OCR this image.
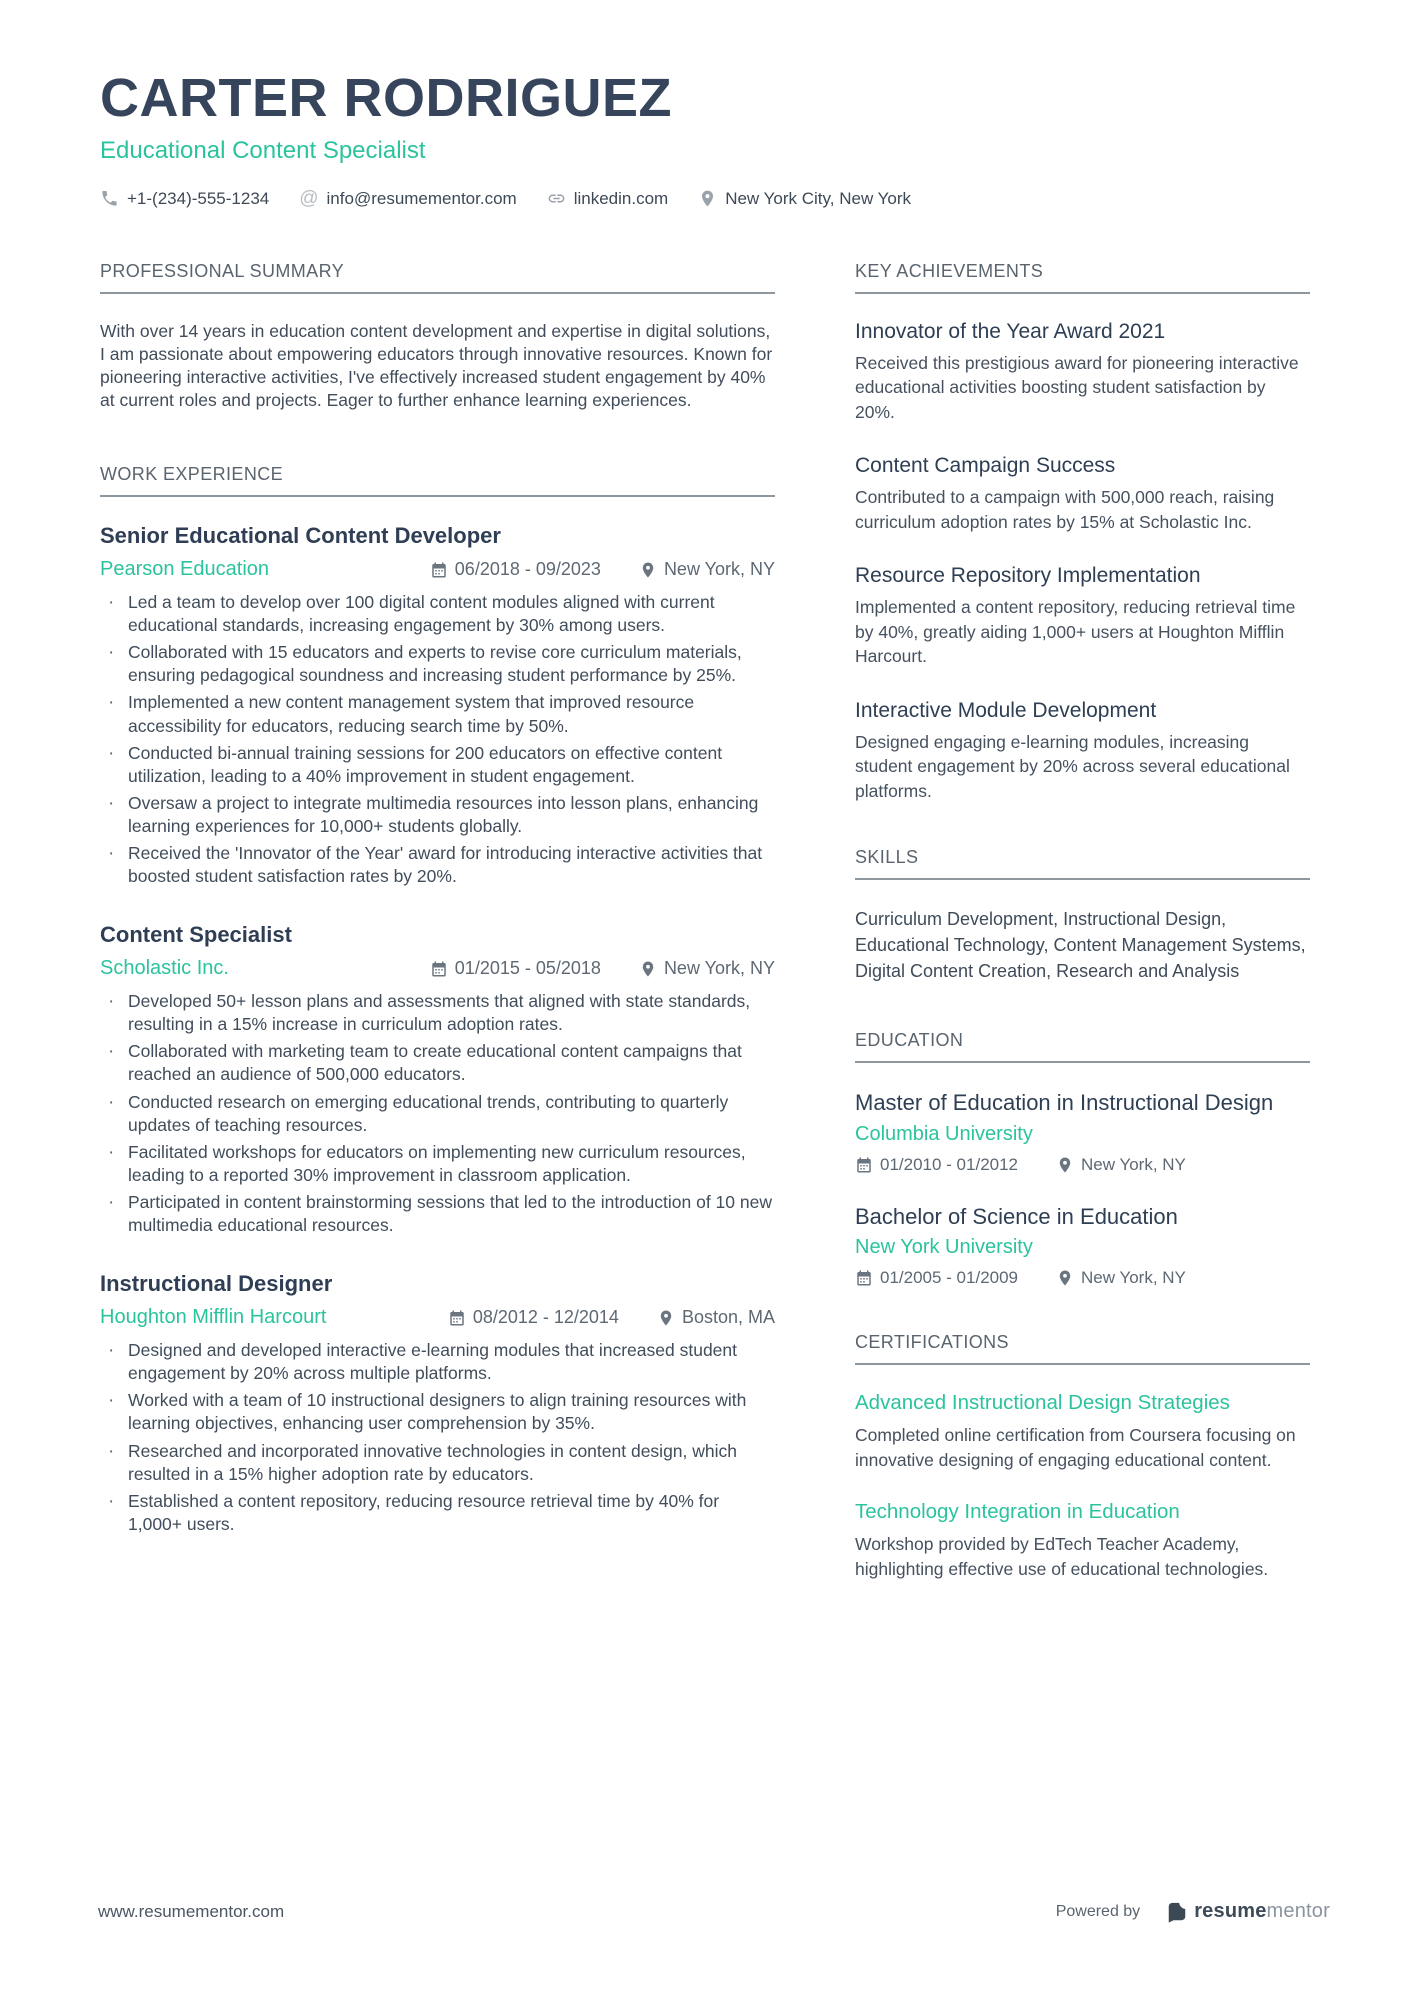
CARTER RODRIGUEZ
Educational Content Specialist
+1-(234)-555-1234 @ info@resumementor.com	linkedin.com	New York City, New York
PROFESSIONAL SUMMARY

With over 14 years in education content development and expertise in digital solutions, I am passionate about empowering educators through innovative resources. Known for pioneering interactive activities, I've effectively increased student engagement by 40% at current roles and projects. Eager to further enhance learning experiences.

WORK EXPERIENCE
Senior Educational Content Developer
Pearson Education	06/2018 - 09/2023	New York, NY
· Led a team to develop over 100 digital content modules aligned with current educational standards, increasing engagement by 30% among users.
· Collaborated with 15 educators and experts to revise core curriculum materials, ensuring pedagogical soundness and increasing student performance by 25%.
· Implemented a new content management system that improved resource accessibility for educators, reducing search time by 50%.
· Conducted bi-annual training sessions for 200 educators on effective content utilization, leading to a 40% improvement in student engagement.
· Oversaw a project to integrate multimedia resources into lesson plans, enhancing learning experiences for 10,000+ students globally.
· Received the 'Innovator of the Year' award for introducing interactive activities that boosted student satisfaction rates by 20%.
Content Specialist
Scholastic Inc.	01/2015 - 05/2018	New York, NY
· Developed 50+ lesson plans and assessments that aligned with state standards, resulting in a 15% increase in curriculum adoption rates.
· Collaborated with marketing team to create educational content campaigns that reached an audience of 500,000 educators.
· Conducted research on emerging educational trends, contributing to quarterly updates of teaching resources.
· Facilitated workshops for educators on implementing new curriculum resources, leading to a reported 30% improvement in classroom application.
· Participated in content brainstorming sessions that led to the introduction of 10 new multimedia educational resources.
Instructional Designer
Houghton Mifflin Harcourt	08/2012 - 12/2014	Boston, MA
· Designed and developed interactive e-learning modules that increased student engagement by 20% across multiple platforms.
· Worked with a team of 10 instructional designers to align training resources with learning objectives, enhancing user comprehension by 35%.
· Researched and incorporated innovative technologies in content design, which resulted in a 15% higher adoption rate by educators.
· Established a content repository, reducing resource retrieval time by 40% for 1,000+ users.
KEY ACHIEVEMENTS
Innovator of the Year Award 2021
Received this prestigious award for pioneering interactive educational activities boosting student satisfaction by 20%.
Content Campaign Success
Contributed to a campaign with 500,000 reach, raising curriculum adoption rates by 15% at Scholastic Inc.
Resource Repository Implementation
Implemented a content repository, reducing retrieval time by 40%, greatly aiding 1,000+ users at Houghton Mifflin Harcourt.
Interactive Module Development
Designed engaging e-learning modules, increasing student engagement by 20% across several educational platforms.
SKILLS

Curriculum Development, Instructional Design, Educational Technology, Content Management Systems, Digital Content Creation, Research and Analysis

EDUCATION
Master of Education in Instructional Design
Columbia University
01/2010 - 01/2012	New York, NY
Bachelor of Science in Education
New York University
01/2005 - 01/2009	New York, NY
CERTIFICATIONS
Advanced Instructional Design Strategies
Completed online certification from Coursera focusing on innovative designing of engaging educational content.
Technology Integration in Education
Workshop provided by EdTech Teacher Academy, highlighting effective use of educational technologies.
www.resumementor.com	Powered by	resumementor
